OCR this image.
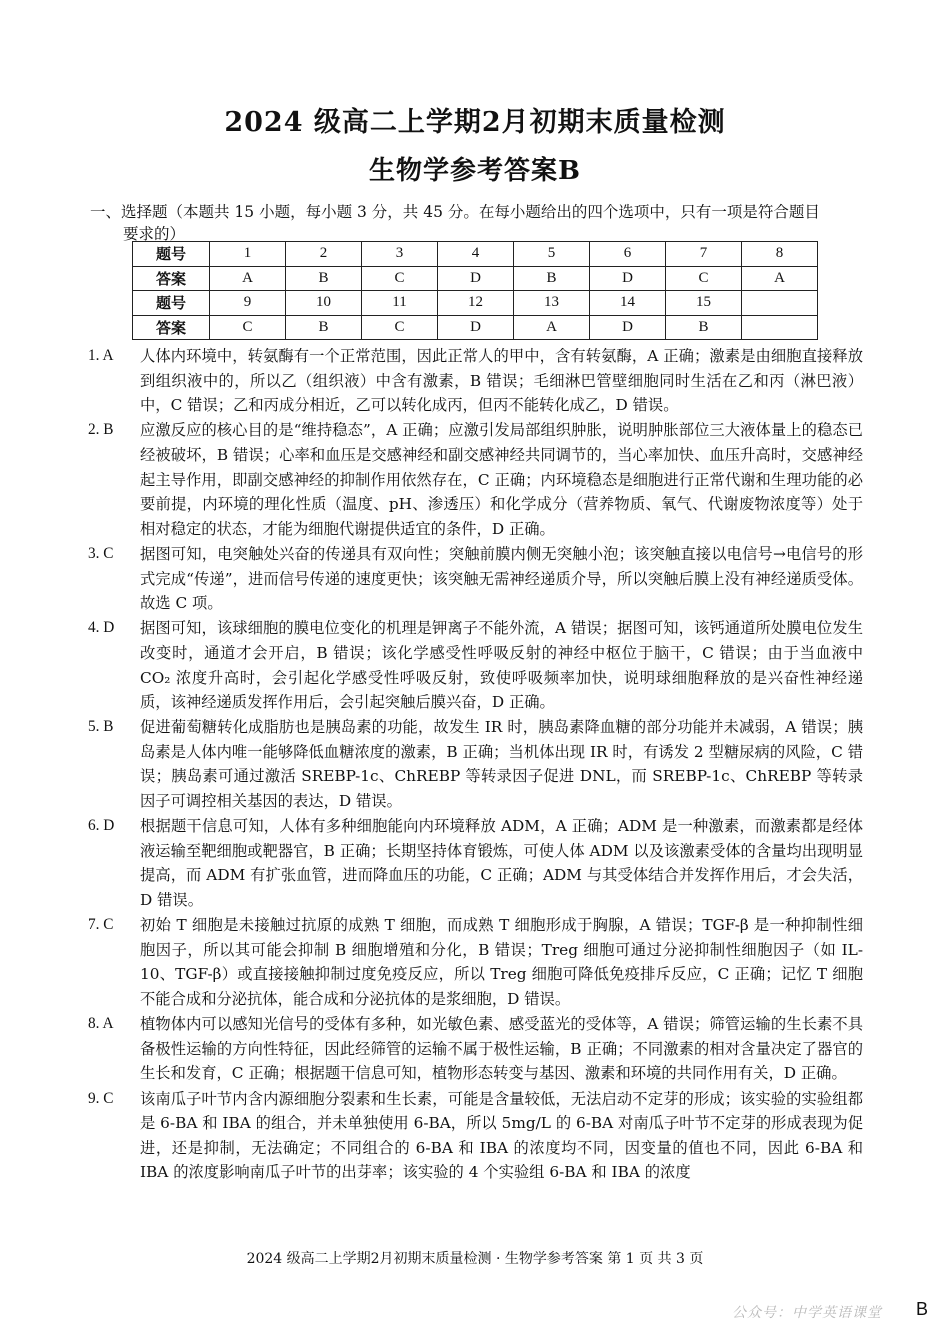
2024 级高二上学期2月初期末质量检测
生物学参考答案B
一、选择题（本题共 15 小题，每小题 3 分，共 45 分。在每小题给出的四个选项中，只有一项是符合题目
要求的）
题号	1	2	3	4	5	6	7	8
答案	A	B	C	D	B	D	C	A
题号	9	10	11	12	13	14	15	
答案	C	B	C	D	A	D	B	
1. A	人体内环境中，转氨酶有一个正常范围，因此正常人的甲中，含有转氨酶，A 正确；激素是由细胞直接释放到组织液中的，所以乙（组织液）中含有激素，B 错误；毛细淋巴管壁细胞同时生活在乙和丙（淋巴液）中，C 错误；乙和丙成分相近，乙可以转化成丙，但丙不能转化成乙，D 错误。
2. B	应激反应的核心目的是“维持稳态”，A 正确；应激引发局部组织肿胀，说明肿胀部位三大液体量上的稳态已经被破坏，B 错误；心率和血压是交感神经和副交感神经共同调节的，当心率加快、血压升高时，交感神经起主导作用，即副交感神经的抑制作用依然存在，C 正确；内环境稳态是细胞进行正常代谢和生理功能的必要前提，内环境的理化性质（温度、pH、渗透压）和化学成分（营养物质、氧气、代谢废物浓度等）处于相对稳定的状态，才能为细胞代谢提供适宜的条件，D 正确。
3. C	据图可知，电突触处兴奋的传递具有双向性；突触前膜内侧无突触小泡；该突触直接以电信号→电信号的形式完成“传递”，进而信号传递的速度更快；该突触无需神经递质介导，所以突触后膜上没有神经递质受体。故选 C 项。
4. D	据图可知，该球细胞的膜电位变化的机理是钾离子不能外流，A 错误；据图可知，该钙通道所处膜电位发生改变时，通道才会开启，B 错误；该化学感受性呼吸反射的神经中枢位于脑干，C 错误；由于当血液中 CO₂ 浓度升高时，会引起化学感受性呼吸反射，致使呼吸频率加快，说明球细胞释放的是兴奋性神经递质，该神经递质发挥作用后，会引起突触后膜兴奋，D 正确。
5. B	促进葡萄糖转化成脂肪也是胰岛素的功能，故发生 IR 时，胰岛素降血糖的部分功能并未减弱，A 错误；胰岛素是人体内唯一能够降低血糖浓度的激素，B 正确；当机体出现 IR 时，有诱发 2 型糖尿病的风险，C 错误；胰岛素可通过激活 SREBP-1c、ChREBP 等转录因子促进 DNL，而 SREBP-1c、ChREBP 等转录因子可调控相关基因的表达，D 错误。
6. D	根据题干信息可知，人体有多种细胞能向内环境释放 ADM，A 正确；ADM 是一种激素，而激素都是经体液运输至靶细胞或靶器官，B 正确；长期坚持体育锻炼，可使人体 ADM 以及该激素受体的含量均出现明显提高，而 ADM 有扩张血管，进而降血压的功能，C 正确；ADM 与其受体结合并发挥作用后，才会失活，D 错误。
7. C	初始 T 细胞是未接触过抗原的成熟 T 细胞，而成熟 T 细胞形成于胸腺，A 错误；TGF-β 是一种抑制性细胞因子，所以其可能会抑制 B 细胞增殖和分化，B 错误；Treg 细胞可通过分泌抑制性细胞因子（如 IL-10、TGF-β）或直接接触抑制过度免疫反应，所以 Treg 细胞可降低免疫排斥反应，C 正确；记忆 T 细胞不能合成和分泌抗体，能合成和分泌抗体的是浆细胞，D 错误。
8. A	植物体内可以感知光信号的受体有多种，如光敏色素、感受蓝光的受体等，A 错误；筛管运输的生长素不具备极性运输的方向性特征，因此经筛管的运输不属于极性运输，B 正确；不同激素的相对含量决定了器官的生长和发育，C 正确；根据题干信息可知，植物形态转变与基因、激素和环境的共同作用有关，D 正确。
9. C	该南瓜子叶节内含内源细胞分裂素和生长素，可能是含量较低，无法启动不定芽的形成；该实验的实验组都是 6-BA 和 IBA 的组合，并未单独使用 6-BA，所以 5mg/L 的 6-BA 对南瓜子叶节不定芽的形成表现为促进，还是抑制，无法确定；不同组合的 6-BA 和 IBA 的浓度均不同，因变量的值也不同，因此 6-BA 和 IBA 的浓度影响南瓜子叶节的出芽率；该实验的 4 个实验组 6-BA 和 IBA 的浓度
2024 级高二上学期2月初期末质量检测 · 生物学参考答案 第 1 页 共 3 页
公众号：中学英语课堂 B
